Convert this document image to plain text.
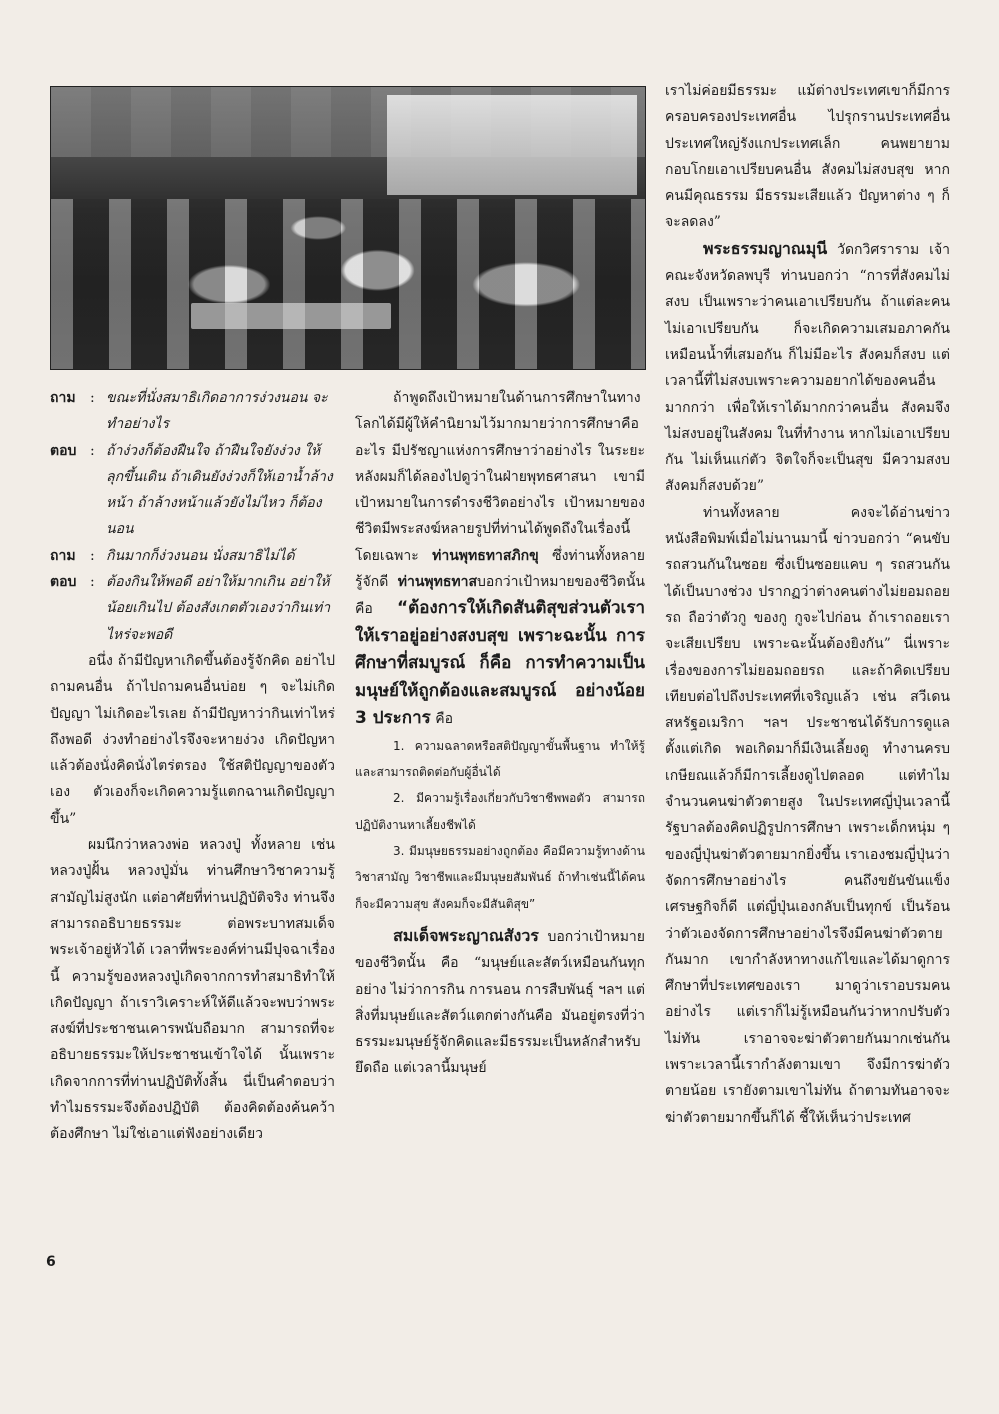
ถาม	: ขณะที่นั่งสมาธิเกิดอาการง่วงนอน จะทำอย่างไร
ตอบ : ถ้าง่วงก็ต้องฝืนใจ ถ้าฝืนใจยังง่วง ให้ลุกขึ้นเดิน ถ้าเดินยังง่วงก็ให้เอาน้ำล้างหน้า ถ้าล้างหน้าแล้วยังไม่ไหว ก็ต้องนอน
ถาม	: กินมากก็ง่วงนอน นั่งสมาธิไม่ได้
ตอบ : ต้องกินให้พอดี อย่าให้มากเกิน อย่าให้น้อยเกินไป ต้องสังเกตตัวเองว่ากินเท่าไหร่จะพอดี

อนึ่ง ถ้ามีปัญหาเกิดขึ้นต้องรู้จักคิด อย่าไปถามคนอื่น ถ้าไปถามคนอื่นบ่อย ๆ จะไม่เกิดปัญญา ไม่เกิดอะไรเลย ถ้ามีปัญหาว่ากินเท่าไหร่ถึงพอดี ง่วงทำอย่างไรจึงจะหายง่วง เกิดปัญหาแล้วต้องนั่งคิดนั่งไตร่ตรอง ใช้สติปัญญาของตัวเอง ตัวเองก็จะเกิดความรู้แตกฉานเกิดปัญญาขึ้น”

ผมนึกว่าหลวงพ่อ หลวงปู่ ทั้งหลาย เช่น หลวงปู่ฝั้น หลวงปู่มั่น ท่านศึกษาวิชาความรู้สามัญไม่สูงนัก แต่อาศัยที่ท่านปฏิบัติจริง ท่านจึงสามารถอธิบายธรรมะ ต่อพระบาทสมเด็จพระเจ้าอยู่หัวได้ เวลาที่พระองค์ท่านมีปุจฉาเรื่องนี้ ความรู้ของหลวงปู่เกิดจากการทำสมาธิทำให้เกิดปัญญา ถ้าเราวิเคราะห์ให้ดีแล้วจะพบว่าพระสงฆ์ที่ประชาชนเคารพนับถือมาก สามารถที่จะอธิบายธรรมะให้ประชาชนเข้าใจได้ นั้นเพราะเกิดจากการที่ท่านปฏิบัติทั้งสิ้น นี่เป็นคำตอบว่าทำไมธรรมะจึงต้องปฏิบัติ ต้องคิดต้องค้นคว้า ต้องศึกษา ไม่ใช่เอาแต่ฟังอย่างเดียว

ถ้าพูดถึงเป้าหมายในด้านการศึกษาในทางโลกได้มีผู้ให้คำนิยามไว้มากมายว่าการศึกษาคืออะไร มีปรัชญาแห่งการศึกษาว่าอย่างไร ในระยะหลังผมก็ได้ลองไปดูว่าในฝ่ายพุทธศาสนา เขามีเป้าหมายในการดำรงชีวิตอย่างไร เป้าหมายของชีวิตมีพระสงฆ์หลายรูปที่ท่านได้พูดถึงในเรื่องนี้โดยเฉพาะ ท่านพุทธทาสภิกขุ ซึ่งท่านทั้งหลายรู้จักดี ท่านพุทธทาสบอกว่าเป้าหมายของชีวิตนั้น คือ “ต้องการให้เกิดสันติสุขส่วนตัวเรา ให้เราอยู่อย่างสงบสุข เพราะฉะนั้น การศึกษาที่สมบูรณ์ ก็คือ การทำความเป็นมนุษย์ให้ถูกต้องและสมบูรณ์ อย่างน้อย 3 ประการ คือ

1. ความฉลาดหรือสติปัญญาขั้นพื้นฐาน ทำให้รู้และสามารถติดต่อกับผู้อื่นได้

2. มีความรู้เรื่องเกี่ยวกับวิชาชีพพอตัว สามารถปฏิบัติงานหาเลี้ยงชีพได้

3. มีมนุษยธรรมอย่างถูกต้อง คือมีความรู้ทางด้านวิชาสามัญ วิชาชีพและมีมนุษยสัมพันธ์ ถ้าทำเช่นนี้ได้คนก็จะมีความสุข สังคมก็จะมีสันติสุข”

สมเด็จพระญาณสังวร บอกว่าเป้าหมายของชีวิตนั้น คือ “มนุษย์และสัตว์เหมือนกันทุกอย่าง ไม่ว่าการกิน การนอน การสืบพันธุ์ ฯลฯ แต่สิ่งที่มนุษย์และสัตว์แตกต่างกันคือ มันอยู่ตรงที่ว่า ธรรมะมนุษย์รู้จักคิดและมีธรรมะเป็นหลักสำหรับยึดถือ แต่เวลานี้มนุษย์

เราไม่ค่อยมีธรรมะ แม้ต่างประเทศเขาก็มีการครอบครองประเทศอื่น ไปรุกรานประเทศอื่น ประเทศใหญ่รังแกประเทศเล็ก คนพยายามกอบโกยเอาเปรียบคนอื่น สังคมไม่สงบสุข หากคนมีคุณธรรม มีธรรมะเสียแล้ว ปัญหาต่าง ๆ ก็จะลดลง”

พระธรรมญาณมุนี วัดกวิศราราม เจ้าคณะจังหวัดลพบุรี ท่านบอกว่า “การที่สังคมไม่สงบ เป็นเพราะว่าคนเอาเปรียบกัน ถ้าแต่ละคนไม่เอาเปรียบกัน ก็จะเกิดความเสมอภาคกัน เหมือนน้ำที่เสมอกัน ก็ไม่มีอะไร สังคมก็สงบ แต่เวลานี้ที่ไม่สงบเพราะความอยากได้ของคนอื่นมากกว่า เพื่อให้เราได้มากกว่าคนอื่น สังคมจึงไม่สงบอยู่ในสังคม ในที่ทำงาน หากไม่เอาเปรียบกัน ไม่เห็นแก่ตัว จิตใจก็จะเป็นสุข มีความสงบ สังคมก็สงบด้วย”

ท่านทั้งหลาย คงจะได้อ่านข่าวหนังสือพิมพ์เมื่อไม่นานมานี้ ข่าวบอกว่า “คนขับรถสวนกันในซอย ซึ่งเป็นซอยแคบ ๆ รถสวนกันได้เป็นบางช่วง ปรากฏว่าต่างคนต่างไม่ยอมถอยรถ ถือว่าตัวกู ของกู กูจะไปก่อน ถ้าเราถอยเราจะเสียเปรียบ เพราะฉะนั้นต้องยิงกัน” นี่เพราะเรื่องของการไม่ยอมถอยรถ และถ้าคิดเปรียบเทียบต่อไปถึงประเทศที่เจริญแล้ว เช่น สวีเดน สหรัฐอเมริกา ฯลฯ ประชาชนได้รับการดูแลตั้งแต่เกิด พอเกิดมาก็มีเงินเลี้ยงดู ทำงานครบเกษียณแล้วก็มีการเลี้ยงดูไปตลอด แต่ทำไมจำนวนคนฆ่าตัวตายสูง ในประเทศญี่ปุ่นเวลานี้รัฐบาลต้องคิดปฏิรูปการศึกษา เพราะเด็กหนุ่ม ๆ ของญี่ปุ่นฆ่าตัวตายมากยิ่งขึ้น เราเองชมญี่ปุ่นว่าจัดการศึกษาอย่างไร คนถึงขยันขันแข็ง เศรษฐกิจก็ดี แต่ญี่ปุ่นเองกลับเป็นทุกข์ เป็นร้อนว่าตัวเองจัดการศึกษาอย่างไรจึงมีคนฆ่าตัวตายกันมาก เขากำลังหาทางแก้ไขและได้มาดูการศึกษาที่ประเทศของเรา มาดูว่าเราอบรมคนอย่างไร แต่เราก็ไม่รู้เหมือนกันว่าหากปรับตัวไม่ทัน เราอาจจะฆ่าตัวตายกันมากเช่นกัน เพราะเวลานี้เรากำลังตามเขา จึงมีการฆ่าตัวตายน้อย เรายังตามเขาไม่ทัน ถ้าตามทันอาจจะฆ่าตัวตายมากขึ้นก็ได้ ชี้ให้เห็นว่าประเทศ

6
